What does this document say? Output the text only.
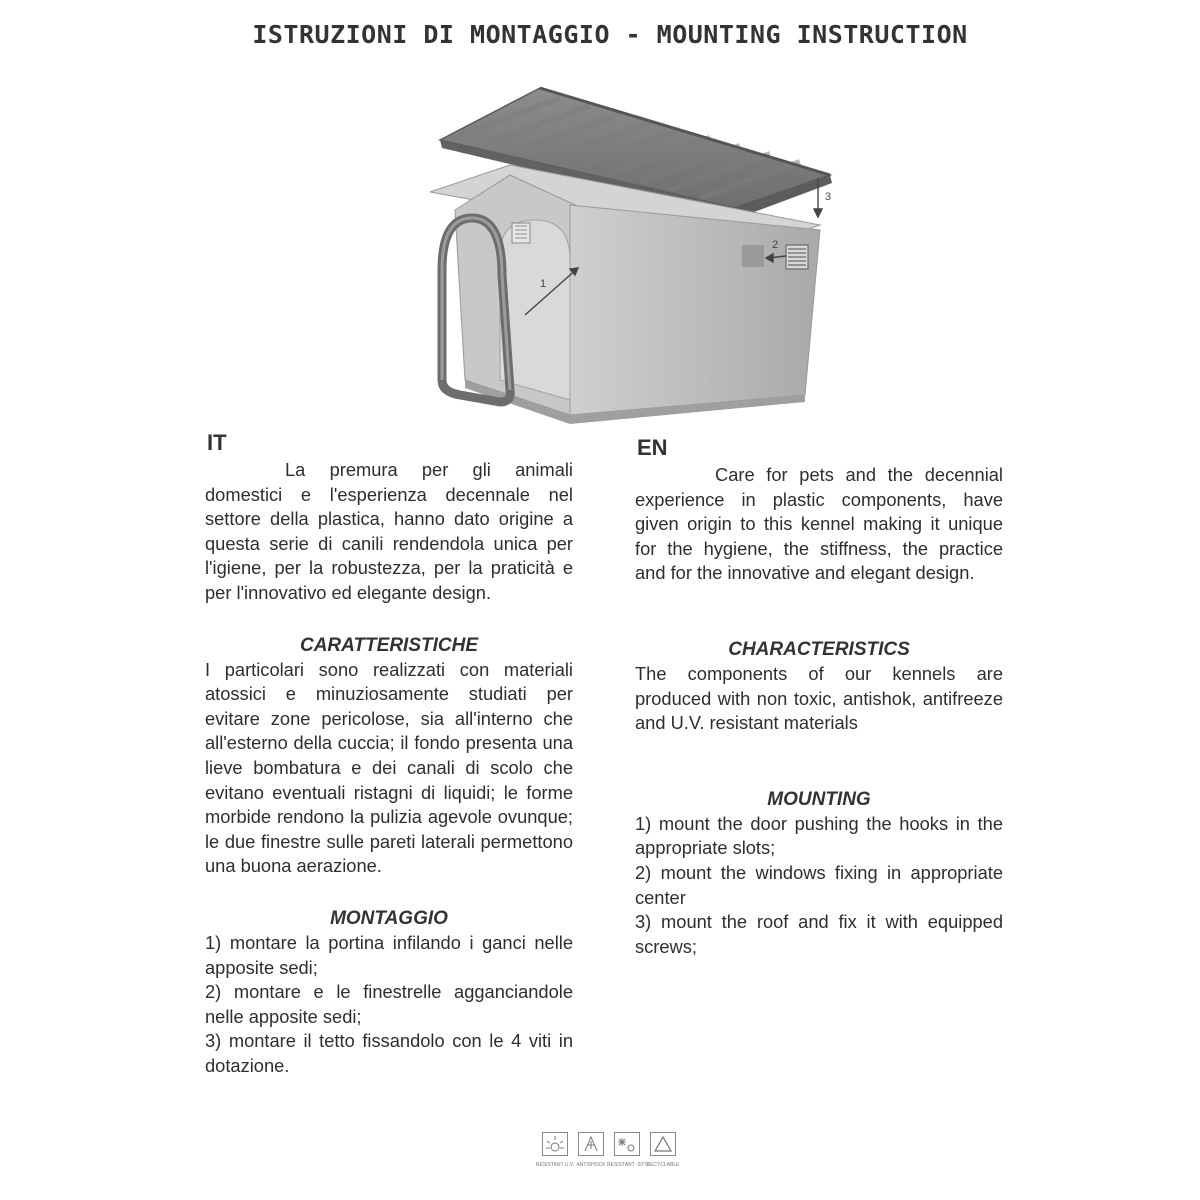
ISTRUZIONI DI MONTAGGIO - MOUNTING INSTRUCTION
1
2
3
IT

La premura per gli animali domestici e l'esperienza decennale nel settore della plastica, hanno dato origine a questa serie di canili rendendola unica per l'igiene, per la robustezza, per la praticità e per l'innovativo ed elegante design.

CARATTERISTICHE

I particolari sono realizzati con materiali atossici e minuziosamente studiati per evitare zone pericolose, sia all'interno che all'esterno della cuccia; il fondo presenta una lieve bombatura e dei canali di scolo che evitano eventuali ristagni di liquidi; le forme morbide rendono la pulizia agevole ovunque; le due finestre sulle pareti laterali permettono una buona aerazione.

MONTAGGIO

1) montare la portina infilando i ganci nelle apposite sedi;

2) montare e le finestrelle agganciandole nelle apposite sedi;

3) montare il tetto fissandolo con le 4 viti in dotazione.

EN

Care for pets and the decennial experience in plastic components, have given origin to this kennel making it unique for the hygiene, the stiffness, the practice and for the innovative and elegant design.

CHARACTERISTICS

The components of our kennels are produced with non toxic, antishok, antifreeze and U.V. resistant materials

MOUNTING

1) mount the door pushing the hooks in the appropriate slots;

2) mount the windows fixing in appropriate center

3) mount the roof and fix it with equipped screws;

RESISTANT U.V. ANTISHOCK RESISTANT -20°C
RECYCLABLE
